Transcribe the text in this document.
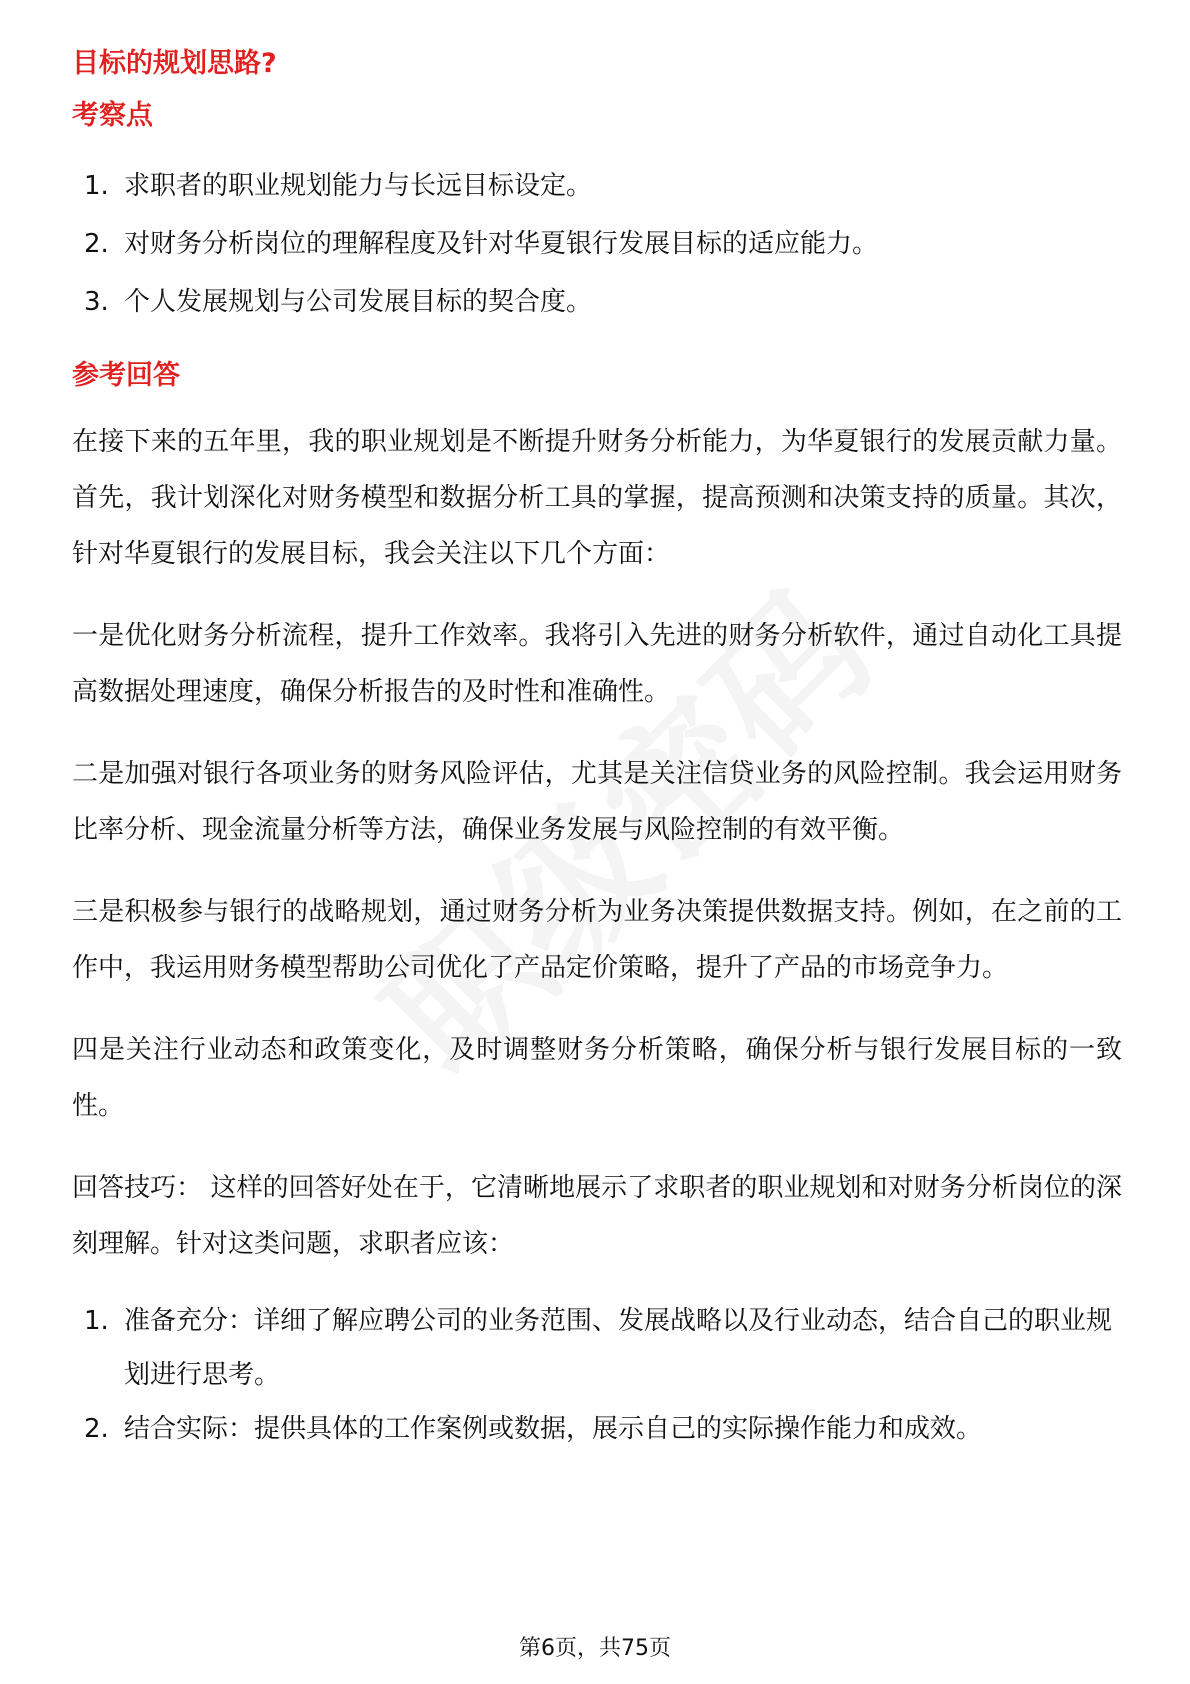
目标的规划思路?

考察点
1. 求职者的职业规划能力与长远目标设定。
2. 对财务分析岗位的理解程度及针对华夏银行发展目标的适应能力。
3. 个人发展规划与公司发展目标的契合度。
参考回答

在接下来的五年里，我的职业规划是不断提升财务分析能力，为华夏银行的发展贡献力量。首先，我计划深化对财务模型和数据分析工具的掌握，提高预测和决策支持的质量。其次，针对华夏银行的发展目标，我会关注以下几个方面：

一是优化财务分析流程，提升工作效率。我将引入先进的财务分析软件，通过自动化工具提高数据处理速度，确保分析报告的及时性和准确性。

二是加强对银行各项业务的财务风险评估，尤其是关注信贷业务的风险控制。我会运用财务比率分析、现金流量分析等方法，确保业务发展与风险控制的有效平衡。

三是积极参与银行的战略规划，通过财务分析为业务决策提供数据支持。例如，在之前的工作中，我运用财务模型帮助公司优化了产品定价策略，提升了产品的市场竞争力。

四是关注行业动态和政策变化，及时调整财务分析策略，确保分析与银行发展目标的一致性。

回答技巧： 这样的回答好处在于，它清晰地展示了求职者的职业规划和对财务分析岗位的深刻理解。针对这类问题，求职者应该：

1. 准备充分：详细了解应聘公司的业务范围、发展战略以及行业动态，结合自己的职业规划进行思考。
2. 结合实际：提供具体的工作案例或数据，展示自己的实际操作能力和成效。
第6页，共75页
